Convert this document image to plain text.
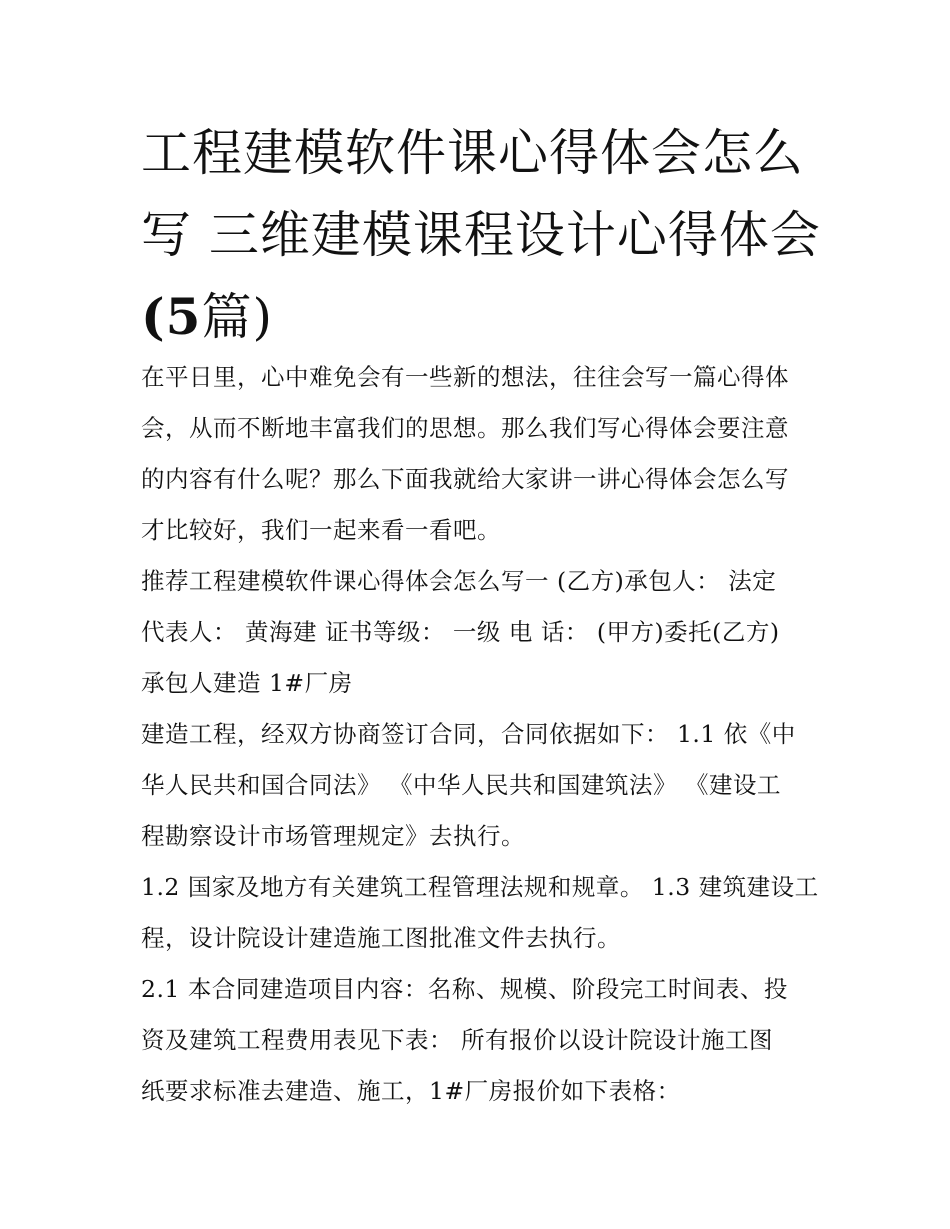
工程建模软件课心得体会怎么
写 三维建模课程设计心得体会
(5篇)
在平日里，心中难免会有一些新的想法，往往会写一篇心得体
会，从而不断地丰富我们的思想。那么我们写心得体会要注意
的内容有什么呢？那么下面我就给大家讲一讲心得体会怎么写
才比较好，我们一起来看一看吧。
推荐工程建模软件课心得体会怎么写一 (乙方)承包人： 法定
代表人： 黄海建 证书等级： 一级 电 话： (甲方)委托(乙方)
承包人建造 1#厂房
建造工程，经双方协商签订合同，合同依据如下： 1.1 依《中
华人民共和国合同法》 《中华人民共和国建筑法》 《建设工
程勘察设计市场管理规定》去执行。
1.2 国家及地方有关建筑工程管理法规和规章。 1.3 建筑建设工
程，设计院设计建造施工图批准文件去执行。
2.1 本合同建造项目内容：名称、规模、阶段完工时间表、投
资及建筑工程费用表见下表： 所有报价以设计院设计施工图
纸要求标准去建造、施工，1#厂房报价如下表格：
